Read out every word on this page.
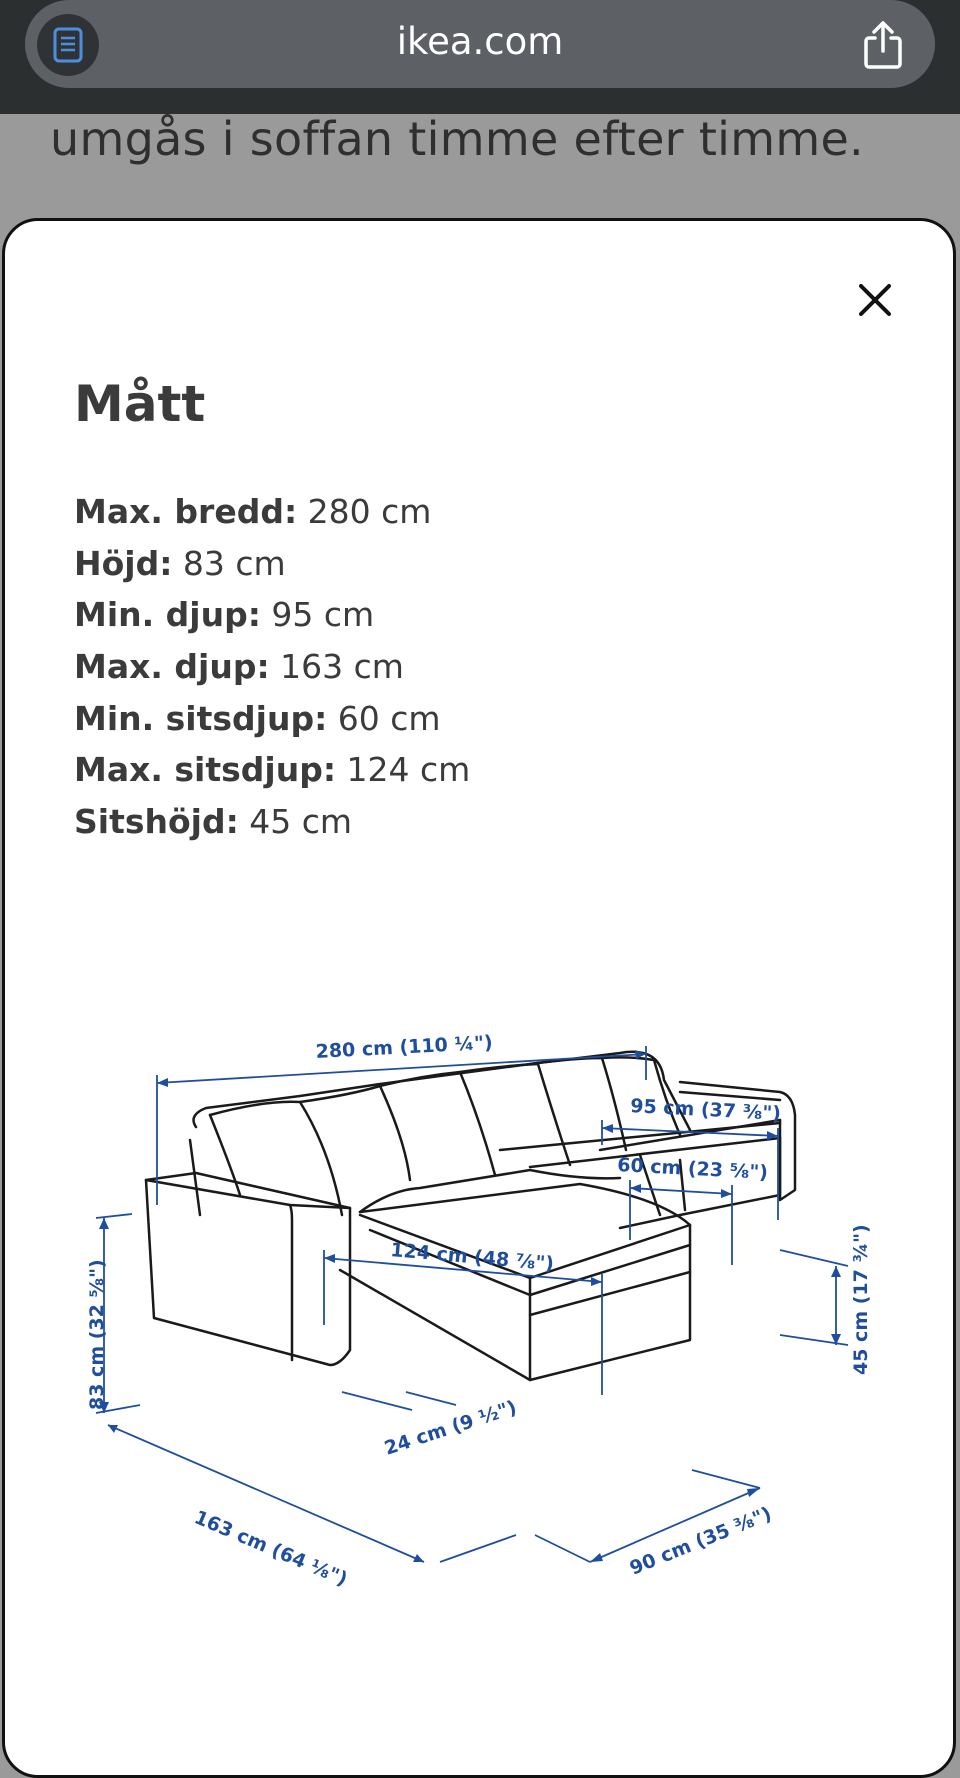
ikea.com

umgås i soffan timme efter timme.

Mått
Max. bredd: 280 cm
Höjd: 83 cm
Min. djup: 95 cm
Max. djup: 163 cm
Min. sitsdjup: 60 cm
Max. sitsdjup: 124 cm
Sitshöjd: 45 cm
280 cm (110 ¼")
95 cm (37 ⅜")
60 cm (23 ⅝")
124 cm (48 ⅞")
83 cm (32 ⅝")	45 cm (17 ¾")
24 cm (9 ½")
163 cm (64 ⅛")	90 cm (35 ⅜")
